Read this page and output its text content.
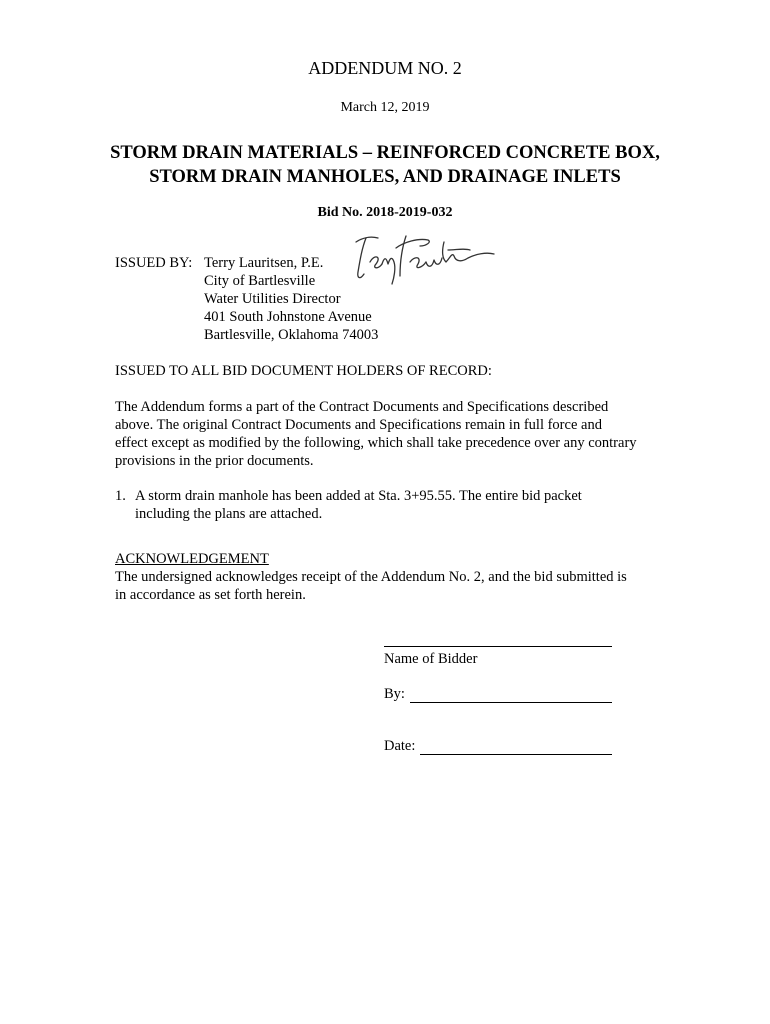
ADDENDUM NO. 2
March 12, 2019
STORM DRAIN MATERIALS – REINFORCED CONCRETE BOX,
STORM DRAIN MANHOLES, AND DRAINAGE INLETS
Bid No. 2018-2019-032
ISSUED BY: Terry Lauritsen, P.E.
City of Bartlesville
Water Utilities Director
401 South Johnstone Avenue
Bartlesville, Oklahoma 74003
ISSUED TO ALL BID DOCUMENT HOLDERS OF RECORD:
The Addendum forms a part of the Contract Documents and Specifications described
above. The original Contract Documents and Specifications remain in full force and
effect except as modified by the following, which shall take precedence over any contrary
provisions in the prior documents.
1. A storm drain manhole has been added at Sta. 3+95.55. The entire bid packet
including the plans are attached.
ACKNOWLEDGEMENT
The undersigned acknowledges receipt of the Addendum No. 2, and the bid submitted is
in accordance as set forth herein.
Name of Bidder
By:
Date:
